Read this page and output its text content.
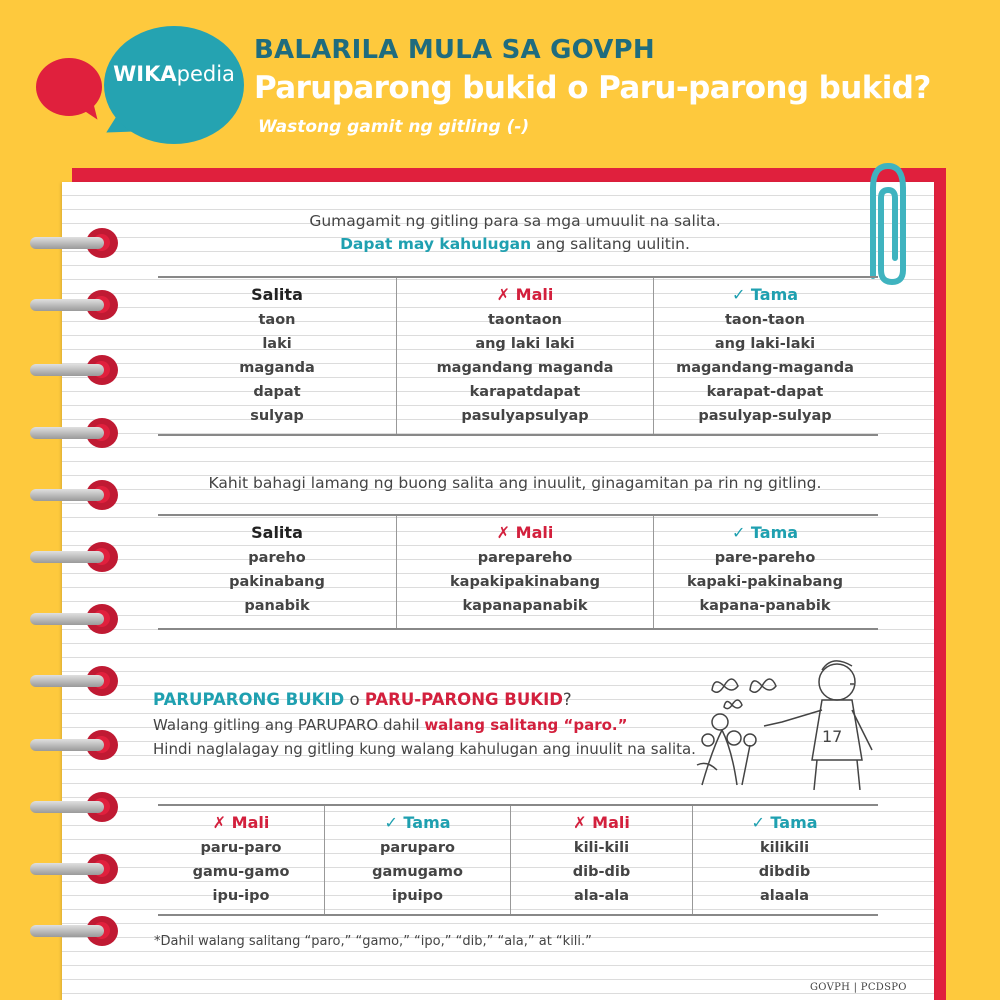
WIKApedia
BALARILA MULA SA GOVPH
Paruparong bukid o Paru-parong bukid?
Wastong gamit ng gitling (-)
Gumagamit ng gitling para sa mga umuulit na salita.
Dapat may kahulugan ang salitang uulitin.
Salita
taon
laki
maganda
dapat
sulyap
✗ Mali
taontaon
ang laki laki
magandang maganda
karapatdapat
pasulyapsulyap
✓ Tama
taon-taon
ang laki-laki
magandang-maganda
karapat-dapat
pasulyap-sulyap
Kahit bahagi lamang ng buong salita ang inuulit, ginagamitan pa rin ng gitling.
Salita
pareho
pakinabang
panabik
✗ Mali
parepareho
kapakipakinabang
kapanapanabik
✓ Tama
pare-pareho
kapaki-pakinabang
kapana-panabik
PARUPARONG BUKID o PARU-PARONG BUKID?
Walang gitling ang PARUPARO dahil walang salitang “paro.”
Hindi naglalagay ng gitling kung walang kahulugan ang inuulit na salita.
17
✗ Mali
paru-paro
gamu-gamo
ipu-ipo
✓ Tama
paruparo
gamugamo
ipuipo
✗ Mali
kili-kili
dib-dib
ala-ala
✓ Tama
kilikili
dibdib
alaala
*Dahil walang salitang “paro,” “gamo,” “ipo,” “dib,” “ala,” at “kili.”
GOVPH | PCDSPO
